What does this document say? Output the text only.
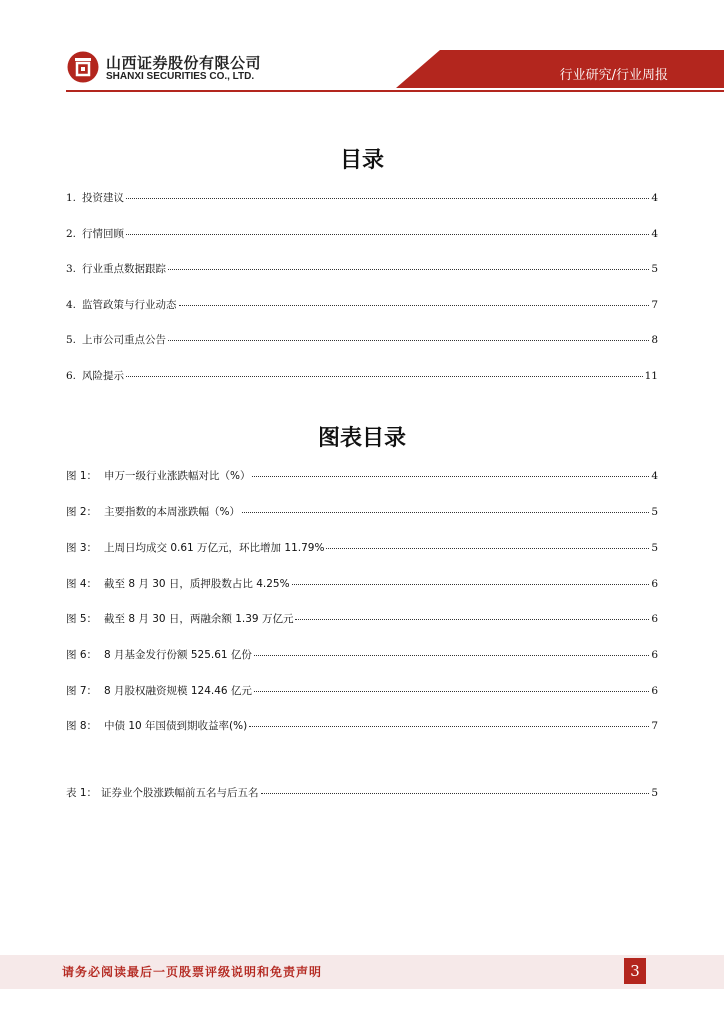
山西证券股份有限公司
SHANXI SECURITIES CO., LTD.	行业研究/行业周报
目录
1. 投资建议	4
2. 行情回顾	4
3. 行业重点数据跟踪	5
4. 监管政策与行业动态	7
5. 上市公司重点公告	8
6. 风险提示	11
图表目录
图 1： 申万一级行业涨跌幅对比（%）	4
图 2： 主要指数的本周涨跌幅（%）	5
图 3： 上周日均成交 0.61 万亿元，环比增加 11.79%	5
图 4： 截至 8 月 30 日，质押股数占比 4.25%	6
图 5： 截至 8 月 30 日，两融余额 1.39 万亿元	6
图 6： 8 月基金发行份额 525.61 亿份	6
图 7： 8 月股权融资规模 124.46 亿元	6
图 8： 中债 10 年国债到期收益率(%)	7
表 1： 证券业个股涨跌幅前五名与后五名	5
请务必阅读最后一页股票评级说明和免责声明	3
